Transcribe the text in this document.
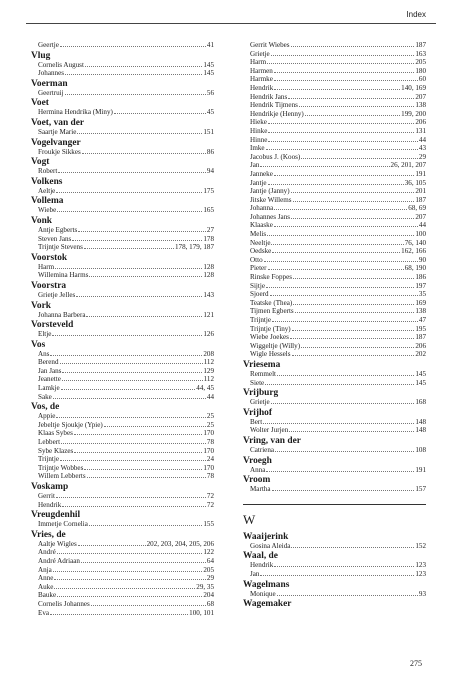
Index
Geertje	41
Vlug
Cornelis August	145
Johannes	145
Voerman
Geertruij	56
Voet
Hermina Hendrika (Miny)	45
Voet, van der
Saartje Marie	151
Vogelvanger
Froukje Sikkes	86
Vogt
Robert	94
Volkens
Aeltje	175
Vollema
Wiebe	165
Vonk
Antje Egberts	27
Steven Jans	178
Trijntje Stevens	178, 179, 187
Voorstok
Harm	128
Willemina Harms	128
Voorstra
Grietje Jelles	143
Vork
Johanna Barbera	121
Vorsteveld
Eltje	126
Vos
Ans	208
Berend	112
Jan Jans	129
Jeanette	112
Lamkje	44, 45
Sake	44
Vos, de
Appie	25
Jebeltje Sjoukje (Ypie)	25
Klaas Sybes	170
Lebbert	78
Sybe Klazes	170
Trijntje	24
Trijntje Wobbes	170
Willem Lebberts	78
Voskamp
Gerrit	72
Hendrik	72
Vreugdenhil
Immetje Cornelia	155
Vries, de
Aaltje Wigles	202, 203, 204, 205, 206
André	122
André Adriaan	64
Anja	205
Anne	29
Auke	29, 35
Bauke	204
Cornelis Johannes	68
Eva	100, 101
Gerrit Wiebes	187
Grietje	163
Harm	205
Harmen	180
Harmke	60
Hendrik	140, 169
Hendrik Jans	207
Hendrik Tijmens	138
Hendrikje (Henny)	199, 200
Hieke	206
Hinke	131
Hinne	44
Imke	43
Jacobus J. (Koos)	29
Jan	26, 201, 207
Janneke	191
Jantje	36, 105
Jantje (Janny)	201
Jitske Willems	187
Johanna	68, 69
Johannes Jans	207
Klaaske	44
Melis	100
Neeltje	76, 140
Oedske	162, 166
Otto	90
Pieter	68, 190
Rinske Foppes	186
Sijtje	197
Sjoerd	35
Teatske (Thea)	169
Tijmen Egberts	138
Trijntje	47
Trijntje (Tiny)	195
Wiebe Joekes	187
Wiggeltje (Willy)	206
Wigle Hessels	202
Vriesema
Remmelt	145
Siete	145
Vrijburg
Grietje	168
Vrijhof
Bert	148
Wolter Jurjen	148
Vring, van der
Catriena	108
Vroegh
Anna	191
Vroom
Martha	157
W
Waaijerink
Gosina Aleida	152
Waal, de
Hendrik	123
Jan	123
Wagelmans
Monique	93
Wagemaker
275
